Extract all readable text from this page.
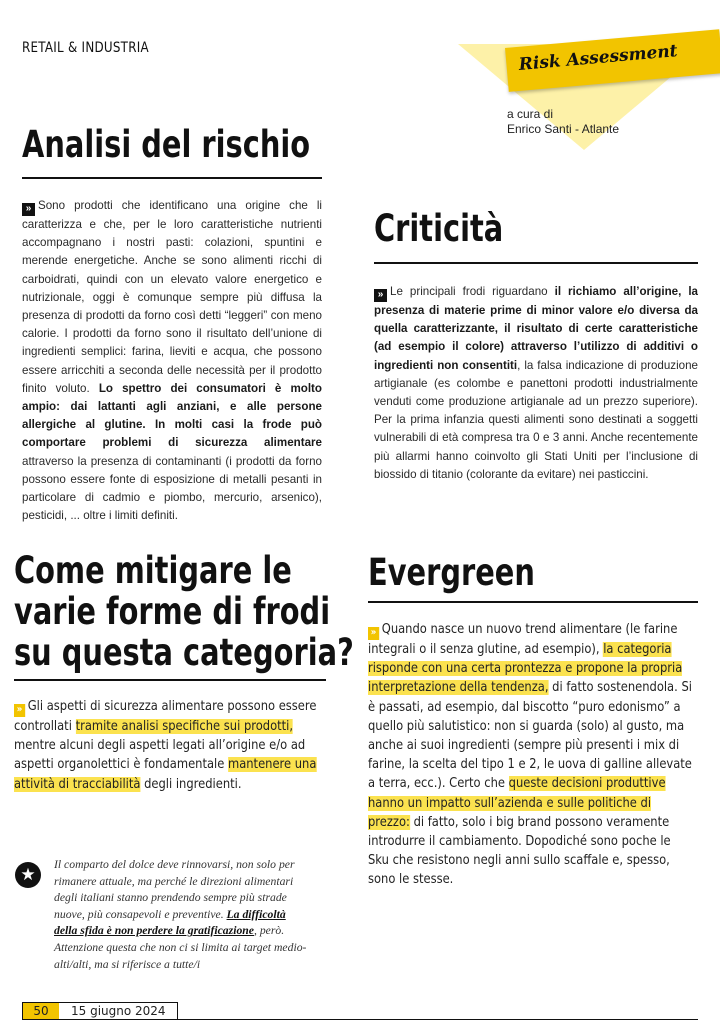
RETAIL & INDUSTRIA	Risk Assessment
a cura di
Enrico Santi - Atlante
Analisi del rischio
» Sono prodotti che identificano una origine che li caratterizza e che, per le loro caratteristiche nutrienti accompagnano i nostri pasti: colazioni, spuntini e merende energetiche. Anche se sono alimenti ricchi di carboidrati, quindi con un elevato valore energetico e nutrizionale, oggi è comunque sempre più diffusa la presenza di prodotti da forno così detti “leggeri” con meno calorie. I prodotti da forno sono il risultato dell’unione di ingredienti semplici: farina, lieviti e acqua, che possono essere arricchiti a seconda delle necessità per il prodotto finito voluto. Lo spettro dei consumatori è molto ampio: dai lattanti agli anziani, e alle persone allergiche al glutine. In molti casi la frode può comportare problemi di sicurezza alimentare attraverso la presenza di contaminanti (i prodotti da forno possono essere fonte di esposizione di metalli pesanti in particolare di cadmio e piombo, mercurio, arsenico), pesticidi, ... oltre i limiti definiti.
Criticità
» Le principali frodi riguardano il richiamo all’origine, la presenza di materie prime di minor valore e/o diversa da quella caratterizzante, il risultato di certe caratteristiche (ad esempio il colore) attraverso l’utilizzo di additivi o ingredienti non consentiti, la falsa indicazione di produzione artigianale (es colombe e panettoni prodotti industrialmente venduti come produzione artigianale ad un prezzo superiore). Per la prima infanzia questi alimenti sono destinati a soggetti vulnerabili di età compresa tra 0 e 3 anni. Anche recentemente più allarmi hanno coinvolto gli Stati Uniti per l’inclusione di biossido di titanio (colorante da evitare) nei pasticcini.
Come mitigare le
varie forme di frodi
su questa categoria?
» Gli aspetti di sicurezza alimentare possono essere controllati tramite analisi specifiche sui prodotti, mentre alcuni degli aspetti legati all’origine e/o ad aspetti organolettici è fondamentale mantenere una attività di tracciabilità degli ingredienti.
Evergreen
» Quando nasce un nuovo trend alimentare (le farine integrali o il senza glutine, ad esempio), la categoria risponde con una certa prontezza e propone la propria interpretazione della tendenza, di fatto sostenendola. Si è passati, ad esempio, dal biscotto “puro edonismo” a quello più salutistico: non si guarda (solo) al gusto, ma anche ai suoi ingredienti (sempre più presenti i mix di farine, la scelta del tipo 1 e 2, le uova di galline allevate a terra, ecc.). Certo che queste decisioni produttive hanno un impatto sull’azienda e sulle politiche di prezzo: di fatto, solo i big brand possono veramente introdurre il cambiamento. Dopodiché sono poche le Sku che resistono negli anni sullo scaffale e, spesso, sono le stesse.
★
Il comparto del dolce deve rinnovarsi, non solo per rimanere attuale, ma perché le direzioni alimentari degli italiani stanno prendendo sempre più strade nuove, più consapevoli e preventive. La difficoltà della sfida è non perdere la gratificazione, però. Attenzione questa che non ci si limita ai target medio-alti/alti, ma si riferisce a tutte/i
50	15 giugno 2024
